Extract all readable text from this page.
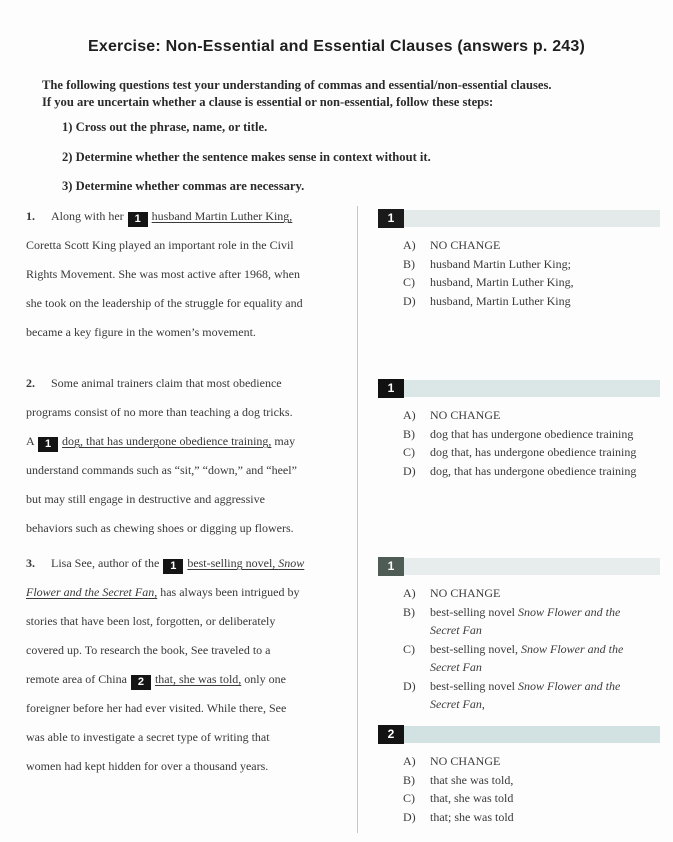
Exercise: Non-Essential and Essential Clauses (answers p. 243)
The following questions test your understanding of commas and essential/non-essential clauses.
If you are uncertain whether a clause is essential or non-essential, follow these steps:
1) Cross out the phrase, name, or title.
2) Determine whether the sentence makes sense in context without it.
3) Determine whether commas are necessary.
1. Along with her 1 husband Martin Luther King,
Coretta Scott King played an important role in the Civil
Rights Movement. She was most active after 1968, when
she took on the leadership of the struggle for equality and
became a key figure in the women’s movement.
2. Some animal trainers claim that most obedience
programs consist of no more than teaching a dog tricks.
A 1 dog, that has undergone obedience training, may
understand commands such as “sit,” “down,” and “heel”
but may still engage in destructive and aggressive
behaviors such as chewing shoes or digging up flowers.
3. Lisa See, author of the 1 best-selling novel, Snow
Flower and the Secret Fan, has always been intrigued by
stories that have been lost, forgotten, or deliberately
covered up. To research the book, See traveled to a
remote area of China 2 that, she was told, only one
foreigner before her had ever visited. While there, See
was able to investigate a secret type of writing that
women had kept hidden for over a thousand years.
1
A)	NO CHANGE
B)	husband Martin Luther King;
C)	husband, Martin Luther King,
D)	husband, Martin Luther King
1
A)	NO CHANGE
B)	dog that has undergone obedience training
C)	dog that, has undergone obedience training
D)	dog, that has undergone obedience training
1
A)	NO CHANGE
B)	best-selling novel Snow Flower and the
Secret Fan
C)	best-selling novel, Snow Flower and the
Secret Fan
D)	best-selling novel Snow Flower and the
Secret Fan,
2
A)	NO CHANGE
B)	that she was told,
C)	that, she was told
D)	that; she was told
